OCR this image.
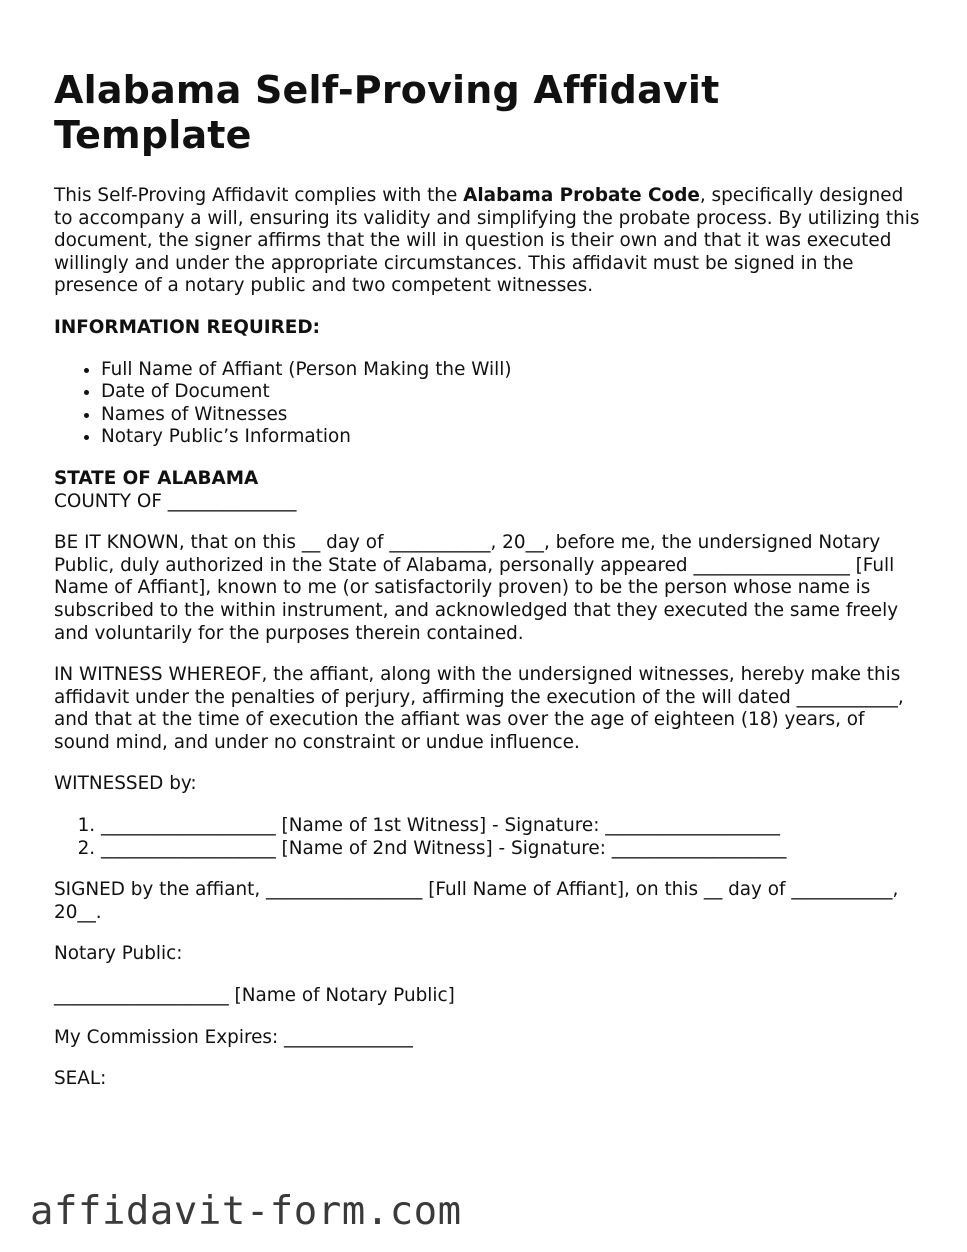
Alabama Self-Proving Affidavit Template

This Self-Proving Affidavit complies with the Alabama Probate Code, specifically designed to accompany a will, ensuring its validity and simplifying the probate process. By utilizing this document, the signer affirms that the will in question is their own and that it was executed willingly and under the appropriate circumstances. This affidavit must be signed in the presence of a notary public and two competent witnesses.

INFORMATION REQUIRED:

• Full Name of Affiant (Person Making the Will)
• Date of Document
• Names of Witnesses
• Notary Public’s Information
STATE OF ALABAMA
COUNTY OF ______________

BE IT KNOWN, that on this __ day of ___________, 20__, before me, the undersigned Notary Public, duly authorized in the State of Alabama, personally appeared _________________ [Full Name of Affiant], known to me (or satisfactorily proven) to be the person whose name is subscribed to the within instrument, and acknowledged that they executed the same freely and voluntarily for the purposes therein contained.

IN WITNESS WHEREOF, the affiant, along with the undersigned witnesses, hereby make this affidavit under the penalties of perjury, affirming the execution of the will dated ___________, and that at the time of execution the affiant was over the age of eighteen (18) years, of sound mind, and under no constraint or undue influence.

WITNESSED by:

1. ___________________ [Name of 1st Witness] - Signature: ___________________
2. ___________________ [Name of 2nd Witness] - Signature: ___________________

SIGNED by the affiant, _________________ [Full Name of Affiant], on this __ day of ___________, 20__.

Notary Public:

___________________ [Name of Notary Public]

My Commission Expires: ______________

SEAL:

affidavit-form.com
